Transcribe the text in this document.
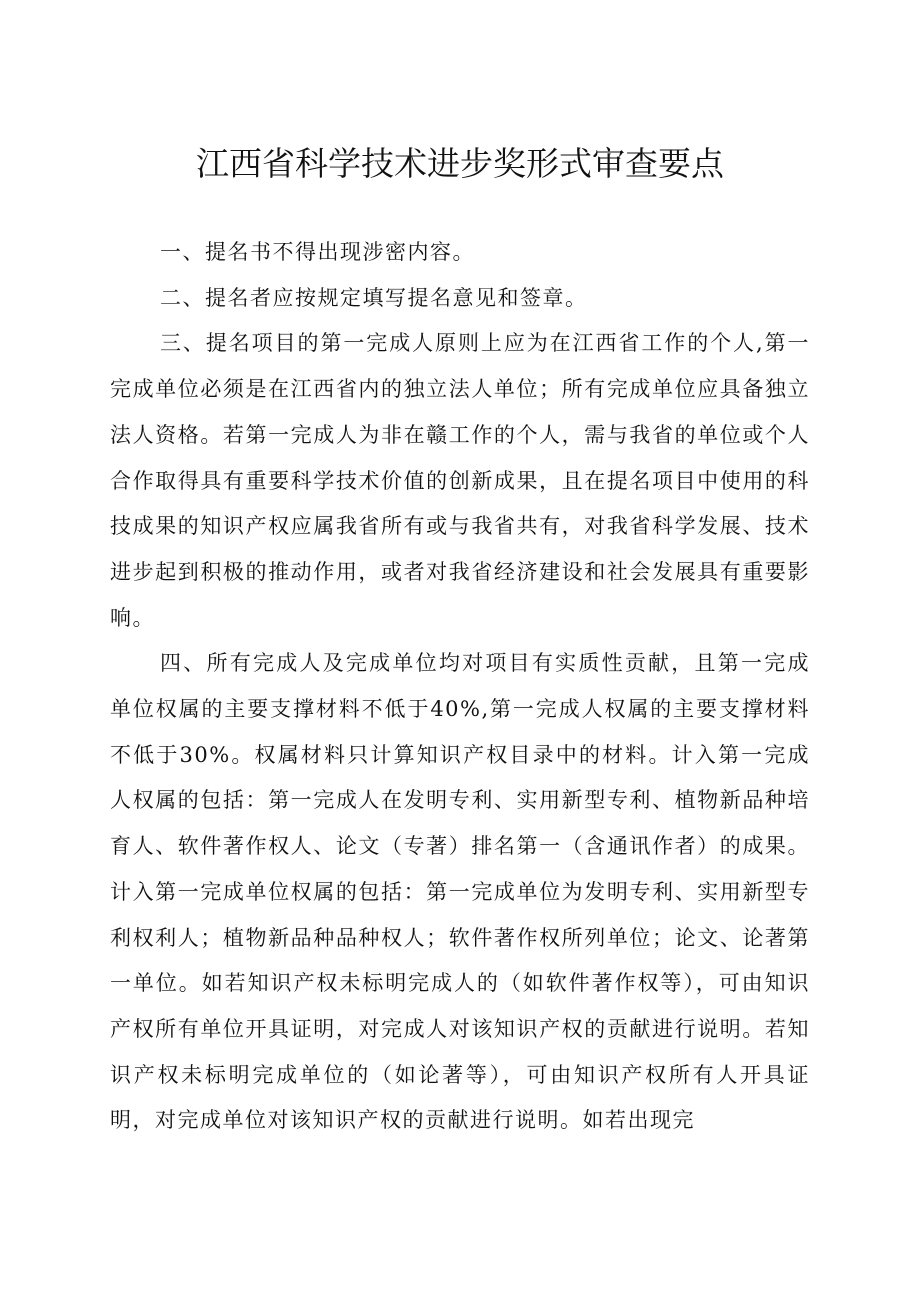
江西省科学技术进步奖形式审查要点

一、提名书不得出现涉密内容。

二、提名者应按规定填写提名意见和签章。

三、提名项目的第一完成人原则上应为在江西省工作的个人,第一完成单位必须是在江西省内的独立法人单位；所有完成单位应具备独立法人资格。若第一完成人为非在赣工作的个人，需与我省的单位或个人合作取得具有重要科学技术价值的创新成果，且在提名项目中使用的科技成果的知识产权应属我省所有或与我省共有，对我省科学发展、技术进步起到积极的推动作用，或者对我省经济建设和社会发展具有重要影响。

四、所有完成人及完成单位均对项目有实质性贡献，且第一完成单位权属的主要支撑材料不低于40%,第一完成人权属的主要支撑材料不低于30%。权属材料只计算知识产权目录中的材料。计入第一完成人权属的包括：第一完成人在发明专利、实用新型专利、植物新品种培育人、软件著作权人、论文（专著）排名第一（含通讯作者）的成果。计入第一完成单位权属的包括：第一完成单位为发明专利、实用新型专利权利人；植物新品种品种权人；软件著作权所列单位；论文、论著第一单位。如若知识产权未标明完成人的（如软件著作权等），可由知识产权所有单位开具证明，对完成人对该知识产权的贡献进行说明。若知识产权未标明完成单位的（如论著等），可由知识产权所有人开具证明，对完成单位对该知识产权的贡献进行说明。如若出现完
